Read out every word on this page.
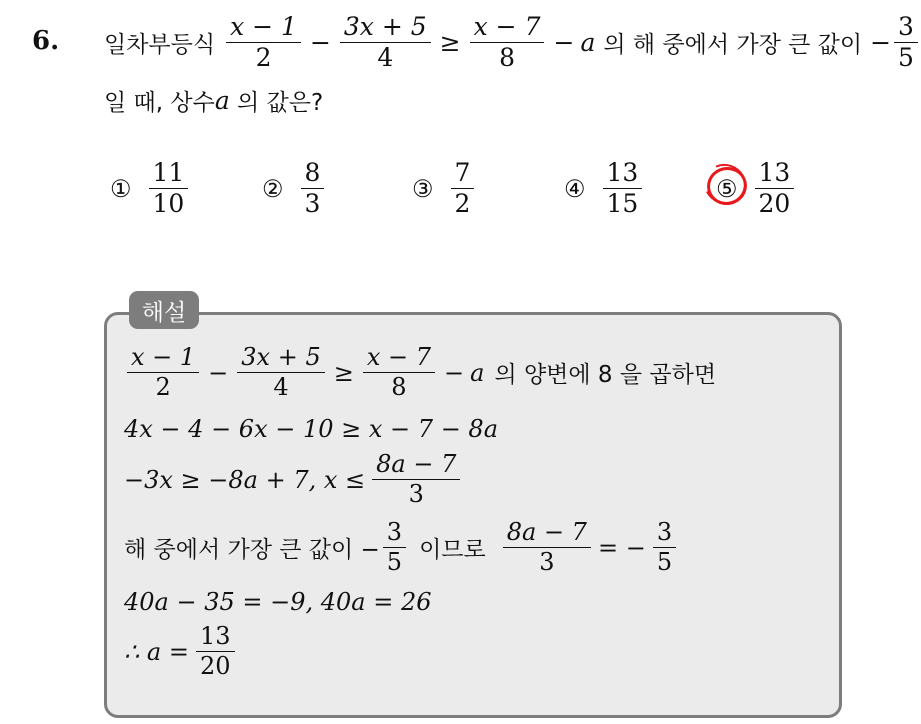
6. 일차부등식 $\frac{x - 1}{2} - \frac{3x + 5}{4} \ge \frac{x - 7}{8} - a$ 의 해 중에서 가장 큰 값이 − $\frac{3}{5}$
일 때, 상수 a 의 값은?
① $\frac{11}{10}$	② $\frac{8}{3}$	③ $\frac{7}{2}$	④ $\frac{13}{15}$	⑤ $\frac{13}{20}$
해설
$\frac{x - 1}{2} - \frac{3x + 5}{4} \ge \frac{x - 7}{8} - a$ 의 양변에 8 을 곱하면
4x − 4 − 6x − 10 ≥ x − 7 − 8a
−3x ≥ −8a + 7, $x \le \frac{8a - 7}{3}$
해 중에서 가장 큰 값이 − $\frac{3}{5}$ 이므로 $\frac{8a - 7}{3}$ = − $\frac{3}{5}$
40a − 35 = −9, 40a = 26
∴ $a = \frac{13}{20}$
